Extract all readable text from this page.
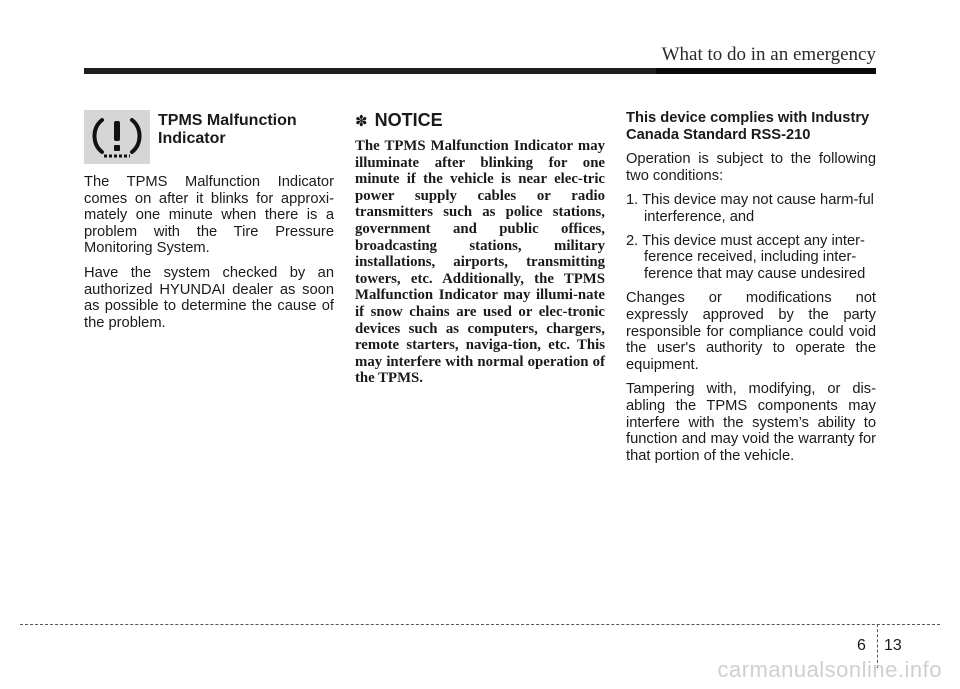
What to do in an emergency
TPMS Malfunction Indicator

The TPMS Malfunction Indicator comes on after it blinks for approxi-mately one minute when there is a problem with the Tire Pressure Monitoring System.

Have the system checked by an authorized HYUNDAI dealer as soon as possible to determine the cause of the problem.

✽ NOTICE

The TPMS Malfunction Indicator may illuminate after blinking for one minute if the vehicle is near elec-tric power supply cables or radio transmitters such as police stations, government and public offices, broadcasting stations, military installations, airports, transmitting towers, etc. Additionally, the TPMS Malfunction Indicator may illumi-nate if snow chains are used or elec-tronic devices such as computers, chargers, remote starters, naviga-tion, etc. This may interfere with normal operation of the TPMS.

This device complies with Industry Canada Standard RSS-210

Operation is subject to the following two conditions:

1. This device may not cause harm-ful interference, and
2. This device must accept any inter-ference received, including inter-ference that may cause undesired

Changes or modifications not expressly approved by the party responsible for compliance could void the user's authority to operate the equipment.

Tampering with, modifying, or dis-abling the TPMS components may interfere with the system’s ability to function and may void the warranty for that portion of the vehicle.

6 13
carmanualsonline.info
